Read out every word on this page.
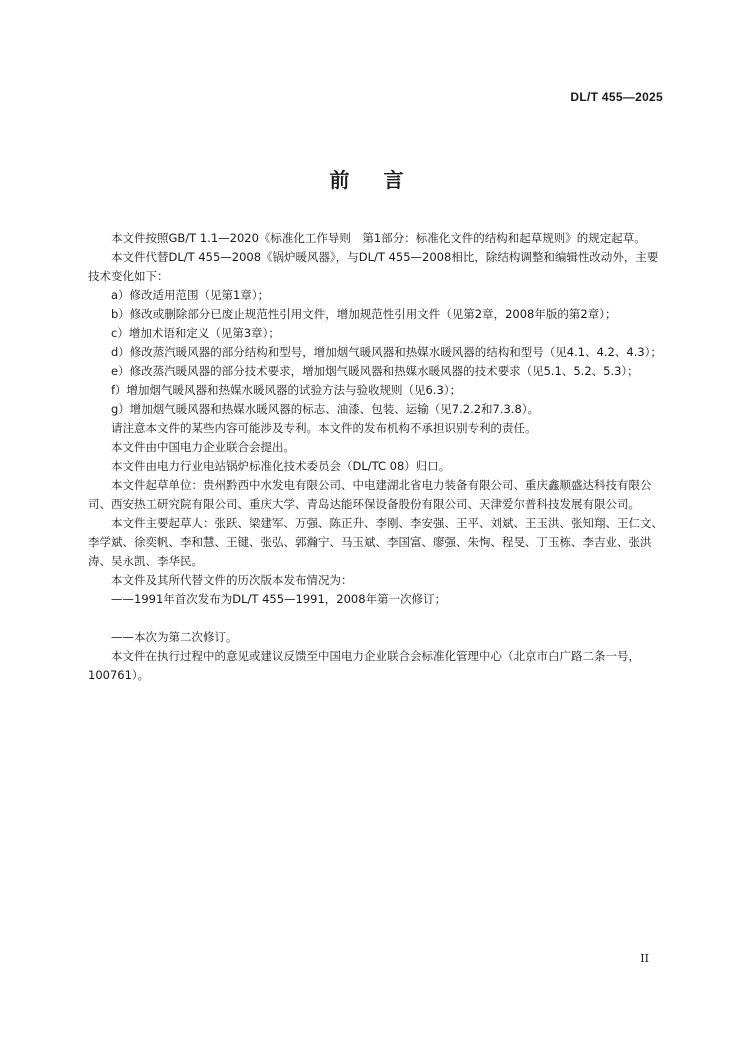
DL/T 455—2025
前 言

本文件按照GB/T 1.1—2020《标准化工作导则　第1部分：标准化文件的结构和起草规则》的规定起草。

本文件代替DL/T 455—2008《锅炉暖风器》，与DL/T 455—2008相比，除结构调整和编辑性改动外，主要技术变化如下：

a）修改适用范围（见第1章）；

b）修改或删除部分已废止规范性引用文件，增加规范性引用文件（见第2章，2008年版的第2章）；

c）增加术语和定义（见第3章）；

d）修改蒸汽暖风器的部分结构和型号，增加烟气暖风器和热媒水暖风器的结构和型号（见4.1、4.2、4.3）；

e）修改蒸汽暖风器的部分技术要求，增加烟气暖风器和热媒水暖风器的技术要求（见5.1、5.2、5.3）；

f）增加烟气暖风器和热媒水暖风器的试验方法与验收规则（见6.3）；

g）增加烟气暖风器和热媒水暖风器的标志、油漆、包装、运输（见7.2.2和7.3.8）。

请注意本文件的某些内容可能涉及专利。本文件的发布机构不承担识别专利的责任。

本文件由中国电力企业联合会提出。

本文件由电力行业电站锅炉标准化技术委员会（DL/TC 08）归口。

本文件起草单位：贵州黔西中水发电有限公司、中电建湖北省电力装备有限公司、重庆鑫顺盛达科技有限公司、西安热工研究院有限公司、重庆大学、青岛达能环保设备股份有限公司、天津爱尔普科技发展有限公司。

本文件主要起草人：张跃、梁建军、万强、陈正升、李刚、李安强、王平、刘斌、王玉洪、张知翔、王仁文、李学斌、徐奕帆、李和慧、王键、张弘、郭瀚宁、马玉斌、李国富、廖强、朱恂、程旻、丁玉栋、李吉业、张洪涛、吴永凯、李华民。

本文件及其所代替文件的历次版本发布情况为：

——1991年首次发布为DL/T 455—1991，2008年第一次修订；

——本次为第二次修订。

本文件在执行过程中的意见或建议反馈至中国电力企业联合会标准化管理中心（北京市白广路二条一号，100761）。

II
